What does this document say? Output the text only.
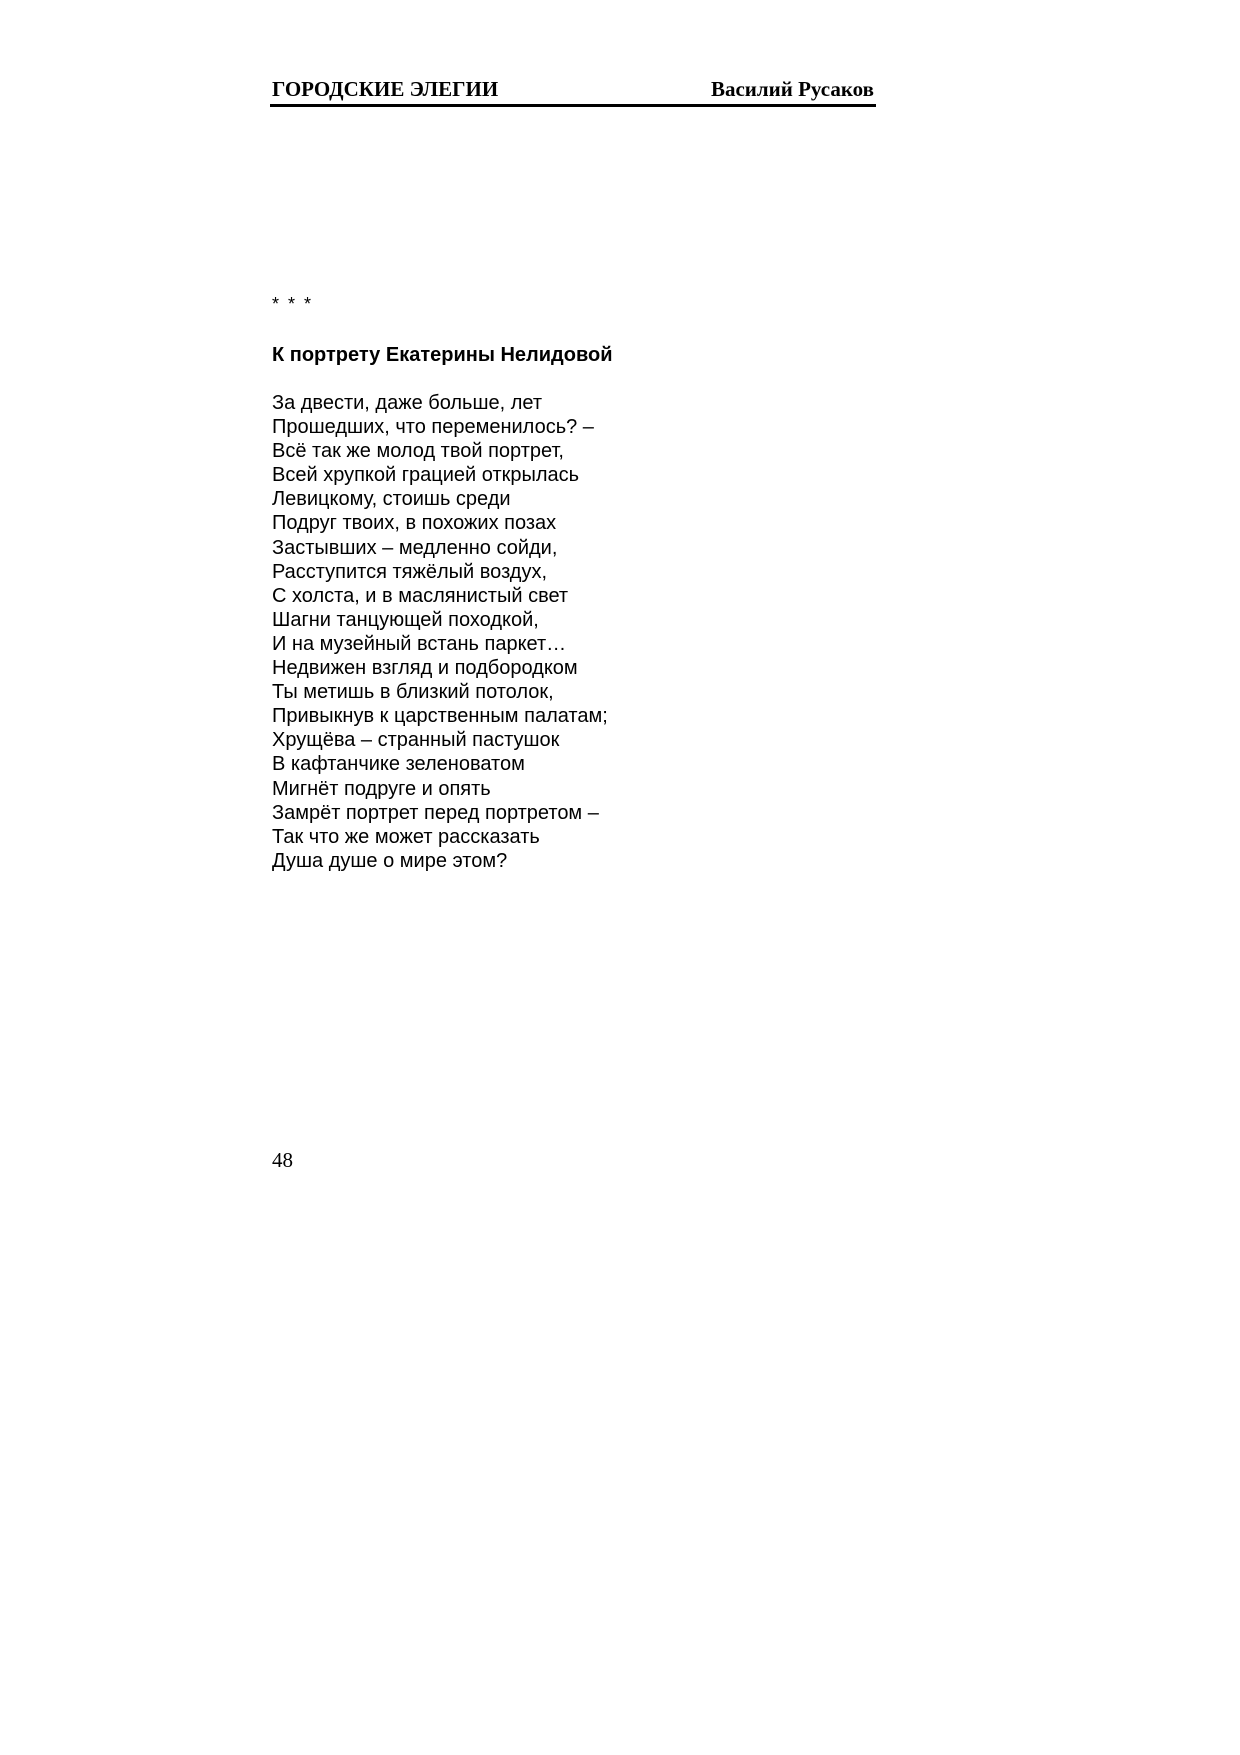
ГОРОДСКИЕ ЭЛЕГИИ	Василий Русаков
* * *
К портрету Екатерины Нелидовой
За двести, даже больше, лет
Прошедших, что переменилось? –
Всё так же молод твой портрет,
Всей хрупкой грацией открылась
Левицкому, стоишь среди
Подруг твоих, в похожих позах
Застывших – медленно сойди,
Расступится тяжёлый воздух,
С холста, и в маслянистый свет
Шагни танцующей походкой,
И на музейный встань паркет…
Недвижен взгляд и подбородком
Ты метишь в близкий потолок,
Привыкнув к царственным палатам;
Хрущёва – странный пастушок
В кафтанчике зеленоватом
Мигнёт подруге и опять
Замрёт портрет перед портретом –
Так что же может рассказать
Душа душе о мире этом?
48
